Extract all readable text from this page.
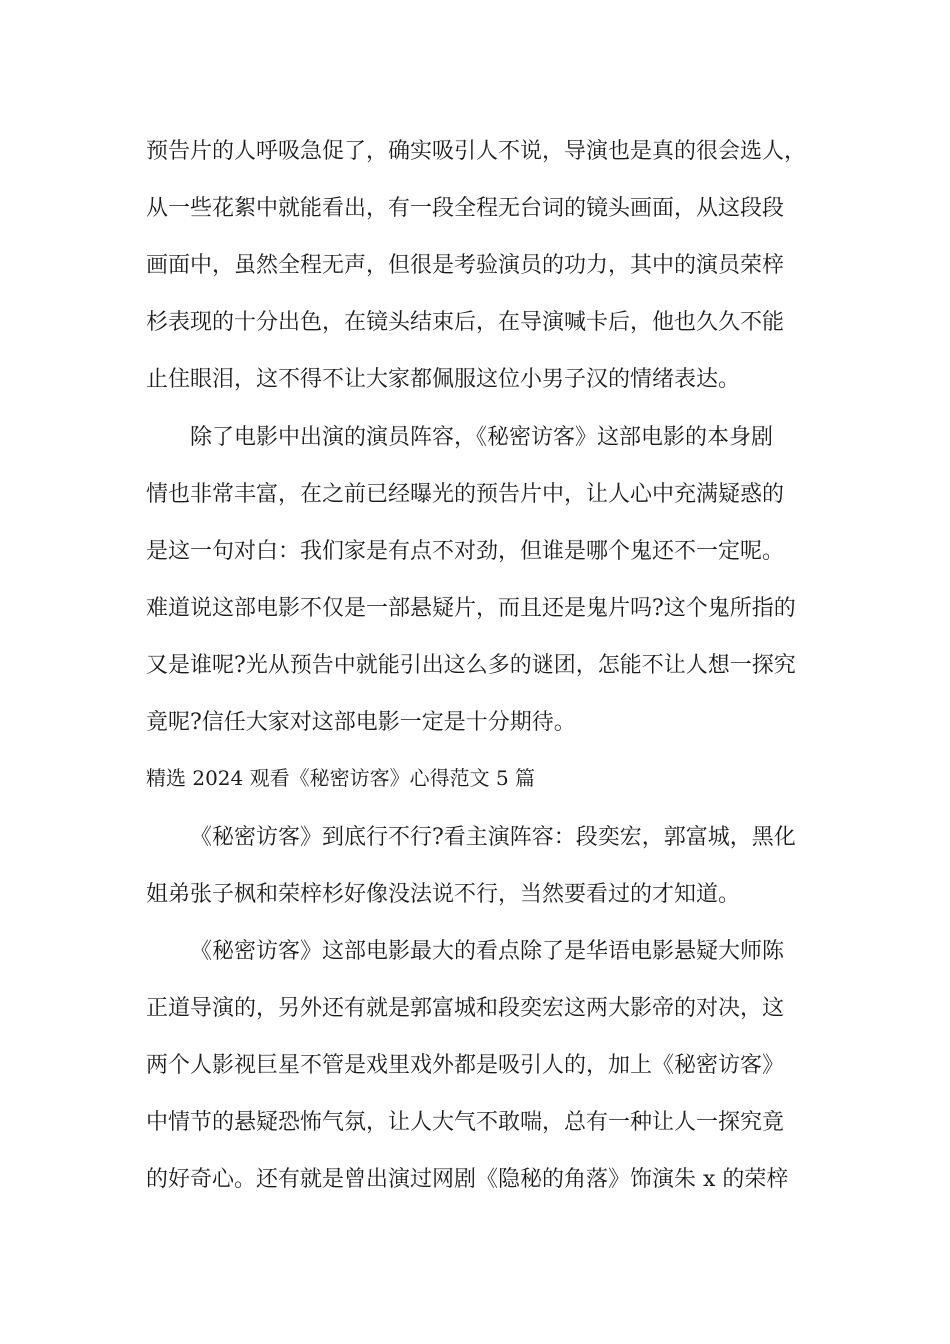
预告片的人呼吸急促了，确实吸引人不说，导演也是真的很会选人，

从一些花絮中就能看出，有一段全程无台词的镜头画面，从这段段

画面中，虽然全程无声，但很是考验演员的功力，其中的演员荣梓

杉表现的十分出色，在镜头结束后，在导演喊卡后，他也久久不能

止住眼泪，这不得不让大家都佩服这位小男子汉的情绪表达。

除了电影中出演的演员阵容，《秘密访客》这部电影的本身剧

情也非常丰富，在之前已经曝光的预告片中，让人心中充满疑惑的

是这一句对白：我们家是有点不对劲，但谁是哪个鬼还不一定呢。

难道说这部电影不仅是一部悬疑片，而且还是鬼片吗?这个鬼所指的

又是谁呢?光从预告中就能引出这么多的谜团，怎能不让人想一探究

竟呢?信任大家对这部电影一定是十分期待。

精选 2024 观看《秘密访客》心得范文 5 篇

《秘密访客》到底行不行?看主演阵容：段奕宏，郭富城，黑化

姐弟张子枫和荣梓杉好像没法说不行，当然要看过的才知道。

《秘密访客》这部电影最大的看点除了是华语电影悬疑大师陈

正道导演的，另外还有就是郭富城和段奕宏这两大影帝的对决，这

两个人影视巨星不管是戏里戏外都是吸引人的，加上《秘密访客》

中情节的悬疑恐怖气氛，让人大气不敢喘，总有一种让人一探究竟

的好奇心。还有就是曾出演过网剧《隐秘的角落》饰演朱 x 的荣梓
